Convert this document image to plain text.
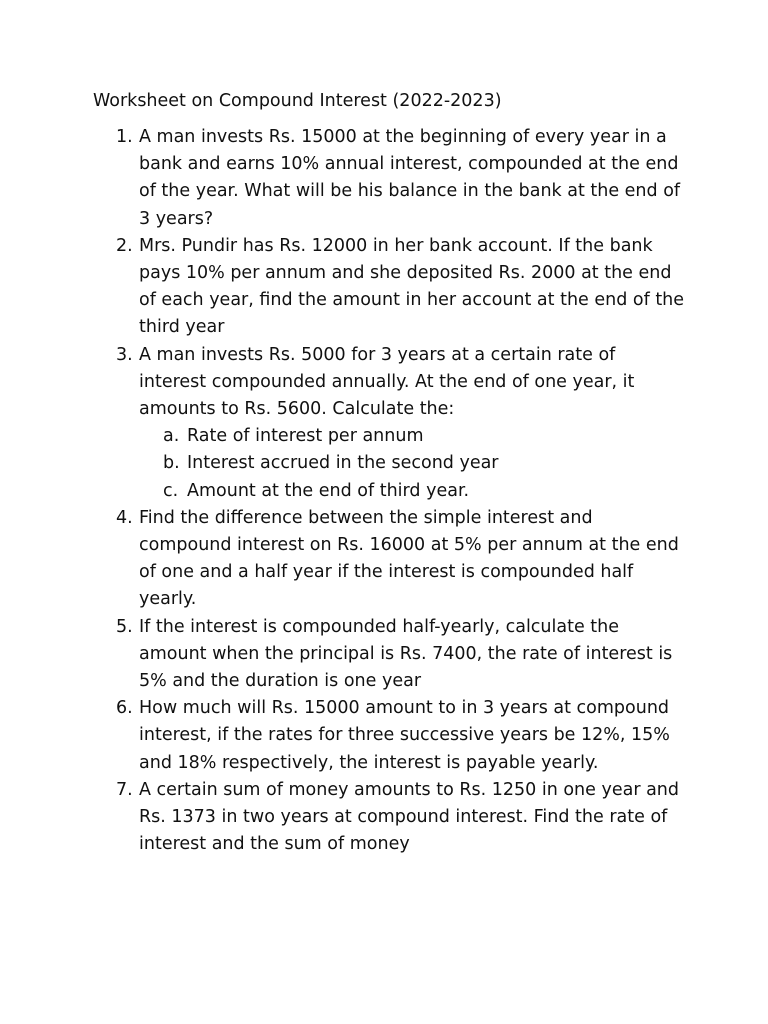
Worksheet on Compound Interest (2022-2023)
1. A man invests Rs. 15000 at the beginning of every year in a bank and earns 10% annual interest, compounded at the end of the year. What will be his balance in the bank at the end of 3 years?
2. Mrs. Pundir has Rs. 12000 in her bank account. If the bank pays 10% per annum and she deposited Rs. 2000 at the end of each year, find the amount in her account at the end of the third year
3. A man invests Rs. 5000 for 3 years at a certain rate of interest compounded annually. At the end of one year, it amounts to Rs. 5600. Calculate the:
a. Rate of interest per annum
b. Interest accrued in the second year
c. Amount at the end of third year.
4. Find the difference between the simple interest and compound interest on Rs. 16000 at 5% per annum at the end of one and a half year if the interest is compounded half yearly.
5. If the interest is compounded half-yearly, calculate the amount when the principal is Rs. 7400, the rate of interest is 5% and the duration is one year
6. How much will Rs. 15000 amount to in 3 years at compound interest, if the rates for three successive years be 12%, 15% and 18% respectively, the interest is payable yearly.
7. A certain sum of money amounts to Rs. 1250 in one year and Rs. 1373 in two years at compound interest. Find the rate of interest and the sum of money
